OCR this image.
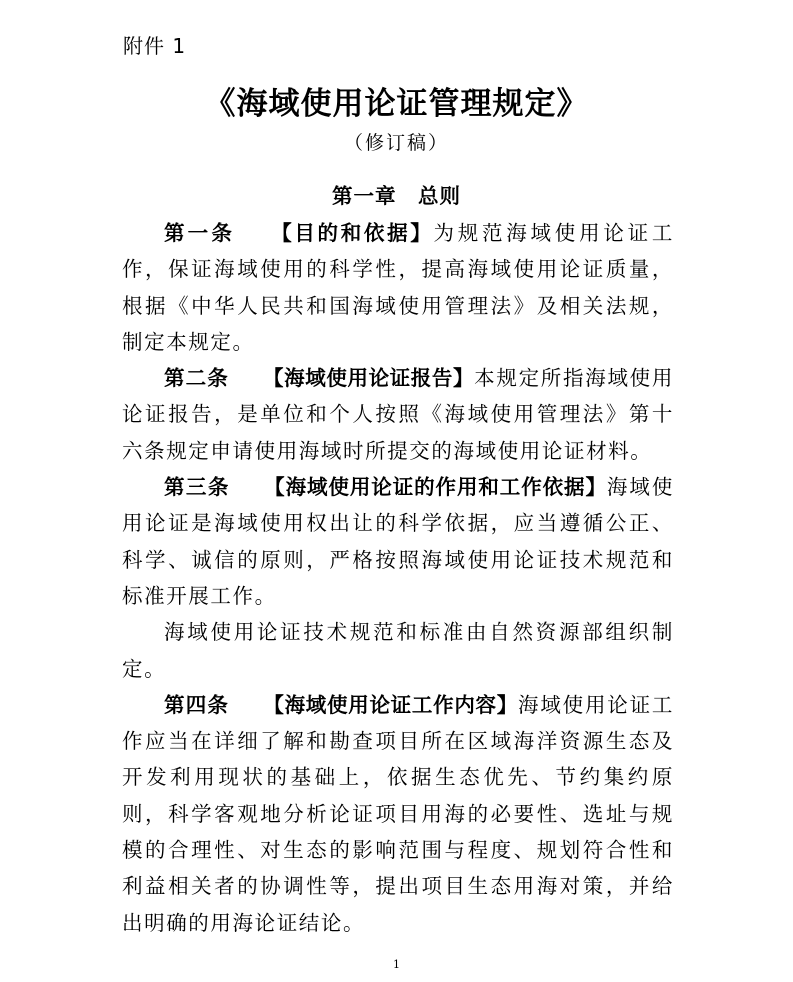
附件 1
《海域使用论证管理规定》
（修订稿）
第一章　总则

第一条 【目的和依据】为规范海域使用论证工作，保证海域使用的科学性，提高海域使用论证质量，根据《中华人民共和国海域使用管理法》及相关法规，制定本规定。

第二条 【海域使用论证报告】本规定所指海域使用论证报告，是单位和个人按照《海域使用管理法》第十六条规定申请使用海域时所提交的海域使用论证材料。

第三条 【海域使用论证的作用和工作依据】海域使用论证是海域使用权出让的科学依据，应当遵循公正、科学、诚信的原则，严格按照海域使用论证技术规范和标准开展工作。

海域使用论证技术规范和标准由自然资源部组织制定。

第四条 【海域使用论证工作内容】海域使用论证工作应当在详细了解和勘查项目所在区域海洋资源生态及开发利用现状的基础上，依据生态优先、节约集约原则，科学客观地分析论证项目用海的必要性、选址与规模的合理性、对生态的影响范围与程度、规划符合性和利益相关者的协调性等，提出项目生态用海对策，并给出明确的用海论证结论。

1
